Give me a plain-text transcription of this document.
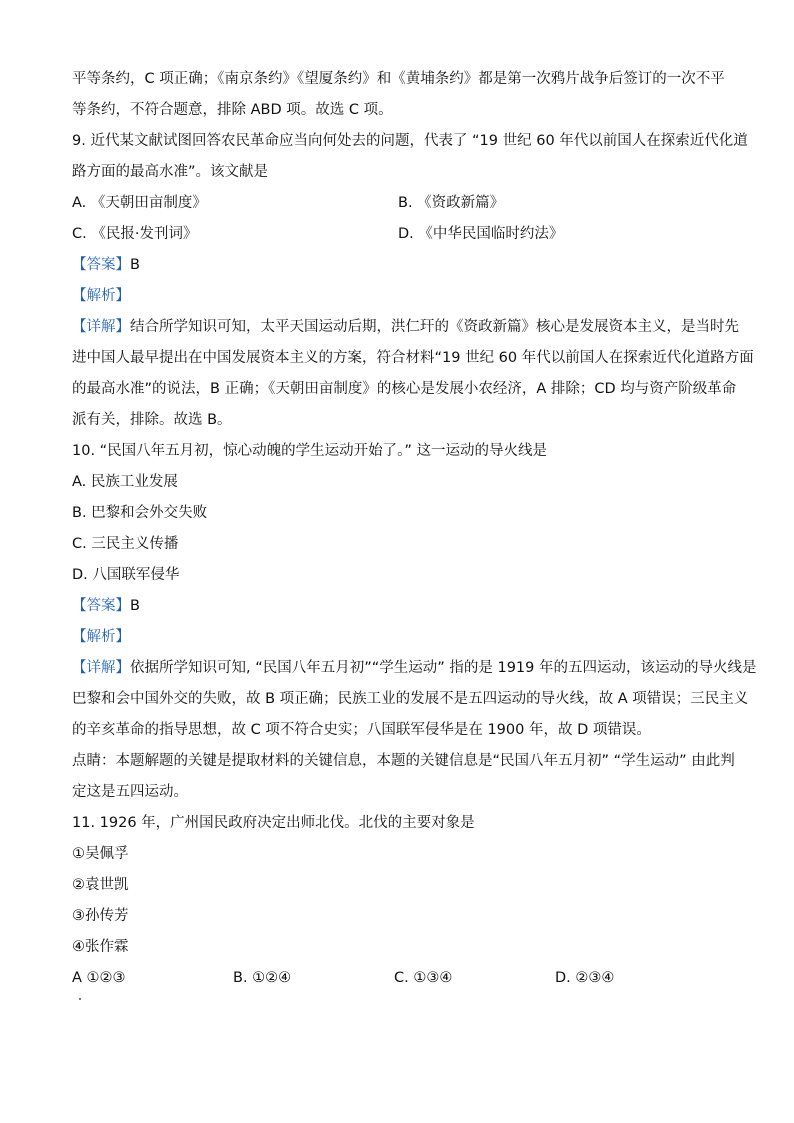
平等条约，C 项正确；《南京条约》《望厦条约》和《黄埔条约》都是第一次鸦片战争后签订的一次不平
等条约，不符合题意，排除 ABD 项。故选 C 项。
9. 近代某文献试图回答农民革命应当向何处去的问题，代表了 “19 世纪 60 年代以前国人在探索近代化道
路方面的最高水准”。该文献是
A. 《天朝田亩制度》	B. 《资政新篇》
C. 《民报·发刊词》	D. 《中华民国临时约法》
【答案】B
【解析】
【详解】结合所学知识可知，太平天国运动后期，洪仁玕的《资政新篇》核心是发展资本主义，是当时先
进中国人最早提出在中国发展资本主义的方案，符合材料“19 世纪 60 年代以前国人在探索近代化道路方面
的最高水准”的说法，B 正确；《天朝田亩制度》的核心是发展小农经济，A 排除；CD 均与资产阶级革命
派有关，排除。故选 B。
10. “民国八年五月初，惊心动魄的学生运动开始了。” 这一运动的导火线是
A. 民族工业发展
B. 巴黎和会外交失败
C. 三民主义传播
D. 八国联军侵华
【答案】B
【解析】
【详解】依据所学知识可知, “民国八年五月初”“学生运动” 指的是 1919 年的五四运动，该运动的导火线是
巴黎和会中国外交的失败，故 B 项正确；民族工业的发展不是五四运动的导火线，故 A 项错误；三民主义
的辛亥革命的指导思想，故 C 项不符合史实；八国联军侵华是在 1900 年，故 D 项错误。
点睛：本题解题的关键是提取材料的关键信息，本题的关键信息是“民国八年五月初” “学生运动” 由此判
定这是五四运动。
11. 1926 年，广州国民政府决定出师北伐。北伐的主要对象是
①吴佩孚
②袁世凯
③孙传芳
④张作霖
A ①②③	B. ①②④	C. ①③④	D. ②③④
